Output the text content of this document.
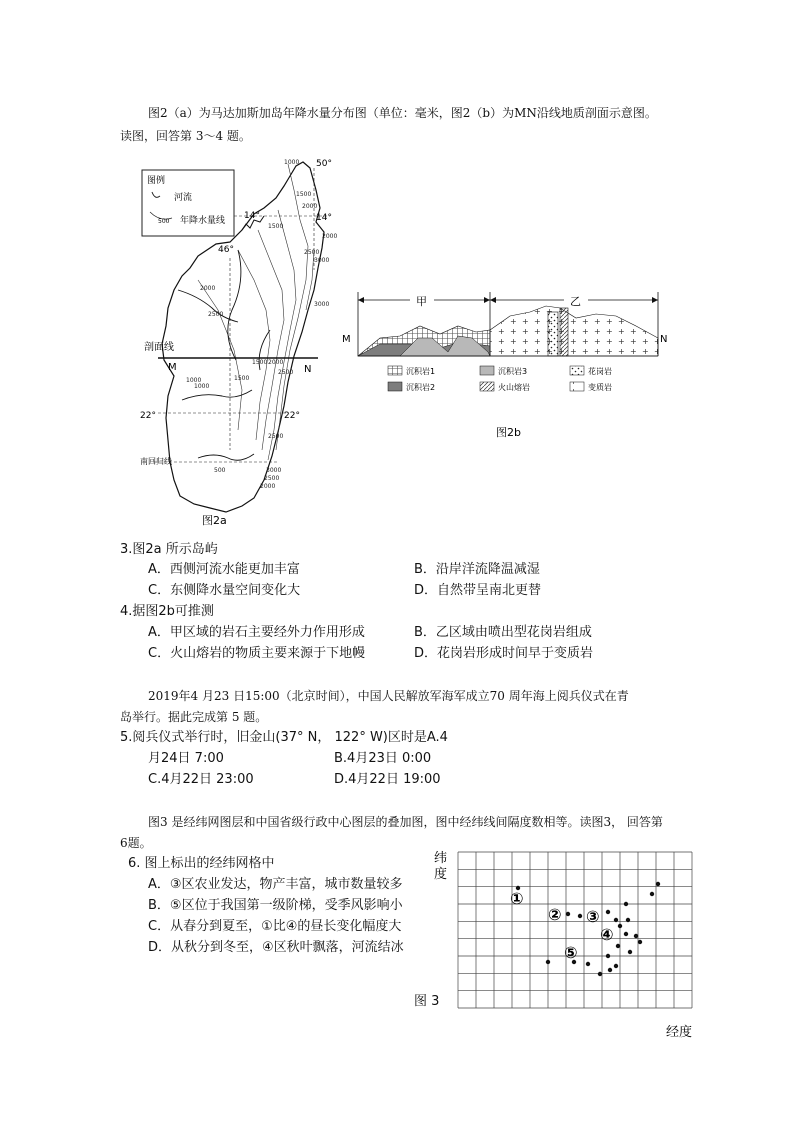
图2（a）为马达加斯加岛年降水量分布图（单位：毫米，图2（b）为MN沿线地质剖面示意图。
读图，回答第 3～4 题。
图例
河流
500 年降水量线
50°
14°	14°
46°
22°	22°
剖面线
M	N
南回归线
1000
1500
2000
1500
2000
2500
3000
3000
2000
2500
1000	1500
1500 2000
2500
2500
500	3000
2500
2000
1000
图2a
甲	乙
M	N
沉积岩1	沉积岩3	花岗岩
沉积岩2	火山熔岩	变质岩
图2b
3.图2a 所示岛屿
A．西侧河流水能更加丰富	B．沿岸洋流降温减湿
C．东侧降水量空间变化大	D．自然带呈南北更替
4.据图2b可推测
A．甲区域的岩石主要经外力作用形成	B．乙区域由喷出型花岗岩组成
C．火山熔岩的物质主要来源于下地幔	D．花岗岩形成时间早于变质岩
2019年4 月23 日15:00（北京时间），中国人民解放军海军成立70 周年海上阅兵仪式在青
岛举行。据此完成第 5 题。
5.阅兵仪式举行时，旧金山(37° N， 122° W)区时是A.4
月24日 7:00	B.4月23日 0:00
C.4月22日 23:00	D.4月22日 19:00
图3 是经纬网图层和中国省级行政中心图层的叠加图，图中经纬线间隔度数相等。读图3， 回答第
6题。
6. 图上标出的经纬网格中
A．③区农业发达，物产丰富，城市数量较多
B．⑤区位于我国第一级阶梯，受季风影响小
C．从春分到夏至，①比④的昼长变化幅度大
D．从秋分到冬至，④区秋叶飘落，河流结冰
图 3
纬
度
①
② ③
④
⑤
经度
